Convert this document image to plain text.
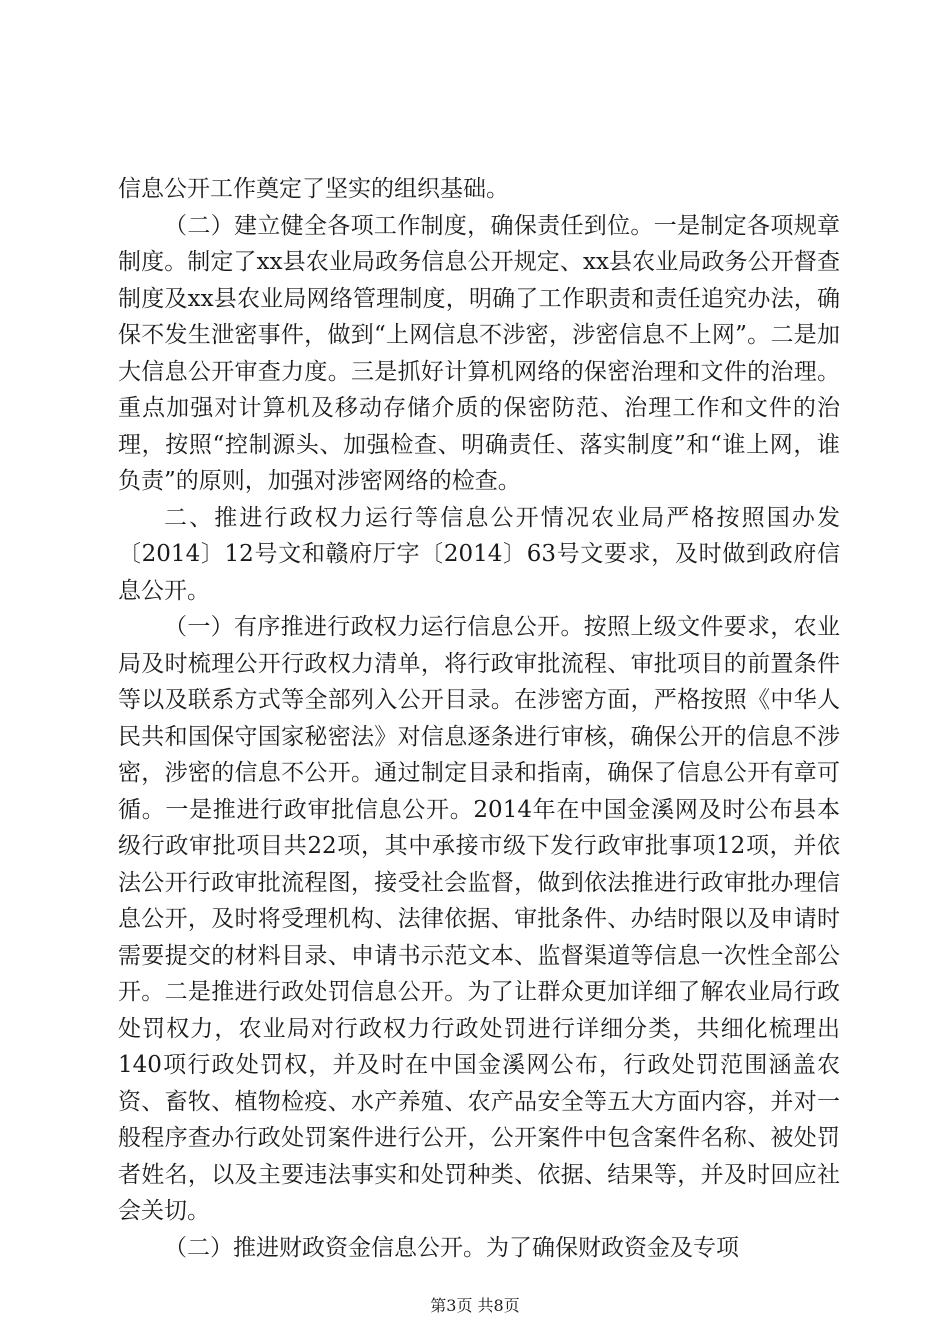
信息公开工作奠定了坚实的组织基础。

（二）建立健全各项工作制度，确保责任到位。一是制定各项规章制度。制定了xx县农业局政务信息公开规定、xx县农业局政务公开督查制度及xx县农业局网络管理制度，明确了工作职责和责任追究办法，确保不发生泄密事件，做到“上网信息不涉密，涉密信息不上网”。二是加大信息公开审查力度。三是抓好计算机网络的保密治理和文件的治理。重点加强对计算机及移动存储介质的保密防范、治理工作和文件的治理，按照“控制源头、加强检查、明确责任、落实制度”和“谁上网，谁负责”的原则，加强对涉密网络的检查。

二、推进行政权力运行等信息公开情况农业局严格按照国办发〔2014〕12号文和赣府厅字〔2014〕63号文要求，及时做到政府信息公开。

（一）有序推进行政权力运行信息公开。按照上级文件要求，农业局及时梳理公开行政权力清单，将行政审批流程、审批项目的前置条件等以及联系方式等全部列入公开目录。在涉密方面，严格按照《中华人民共和国保守国家秘密法》对信息逐条进行审核，确保公开的信息不涉密，涉密的信息不公开。通过制定目录和指南，确保了信息公开有章可循。一是推进行政审批信息公开。2014年在中国金溪网及时公布县本级行政审批项目共22项，其中承接市级下发行政审批事项12项，并依法公开行政审批流程图，接受社会监督，做到依法推进行政审批办理信息公开，及时将受理机构、法律依据、审批条件、办结时限以及申请时需要提交的材料目录、申请书示范文本、监督渠道等信息一次性全部公开。二是推进行政处罚信息公开。为了让群众更加详细了解农业局行政处罚权力，农业局对行政权力行政处罚进行详细分类，共细化梳理出140项行政处罚权，并及时在中国金溪网公布，行政处罚范围涵盖农资、畜牧、植物检疫、水产养殖、农产品安全等五大方面内容，并对一般程序查办行政处罚案件进行公开，公开案件中包含案件名称、被处罚者姓名，以及主要违法事实和处罚种类、依据、结果等，并及时回应社会关切。

（二）推进财政资金信息公开。为了确保财政资金及专项

第3页 共8页
